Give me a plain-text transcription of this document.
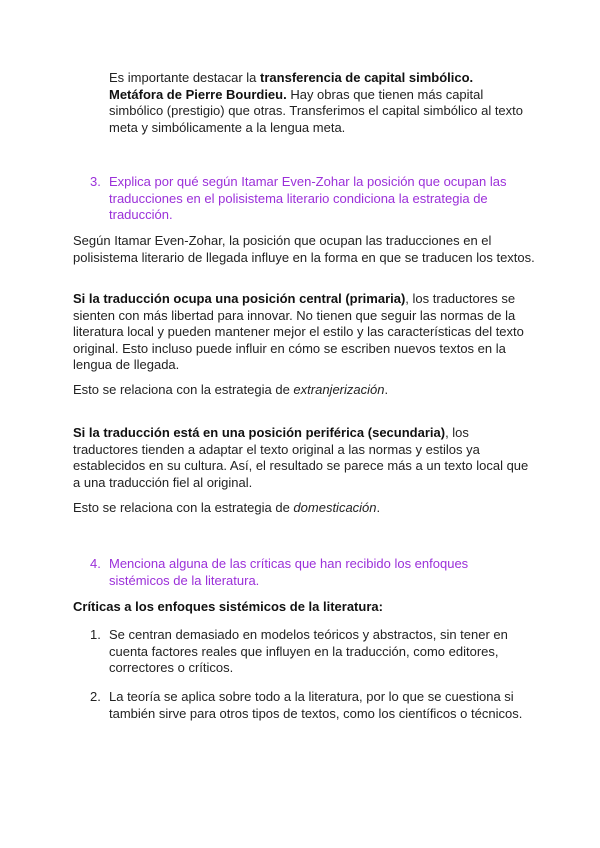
Es importante destacar la transferencia de capital simbólico.
Metáfora de Pierre Bourdieu. Hay obras que tienen más capital simbólico (prestigio) que otras. Transferimos el capital simbólico al texto meta y simbólicamente a la lengua meta.

3. Explica por qué según Itamar Even-Zohar la posición que ocupan las traducciones en el polisistema literario condiciona la estrategia de traducción.

Según Itamar Even-Zohar, la posición que ocupan las traducciones en el polisistema literario de llegada influye en la forma en que se traducen los textos.

Si la traducción ocupa una posición central (primaria), los traductores se sienten con más libertad para innovar. No tienen que seguir las normas de la literatura local y pueden mantener mejor el estilo y las características del texto original. Esto incluso puede influir en cómo se escriben nuevos textos en la lengua de llegada.

Esto se relaciona con la estrategia de extranjerización.

Si la traducción está en una posición periférica (secundaria), los traductores tienden a adaptar el texto original a las normas y estilos ya establecidos en su cultura. Así, el resultado se parece más a un texto local que a una traducción fiel al original.

Esto se relaciona con la estrategia de domesticación.

4. Menciona alguna de las críticas que han recibido los enfoques sistémicos de la literatura.

Críticas a los enfoques sistémicos de la literatura:

1. Se centran demasiado en modelos teóricos y abstractos, sin tener en cuenta factores reales que influyen en la traducción, como editores, correctores o críticos.
2. La teoría se aplica sobre todo a la literatura, por lo que se cuestiona si también sirve para otros tipos de textos, como los científicos o técnicos.
